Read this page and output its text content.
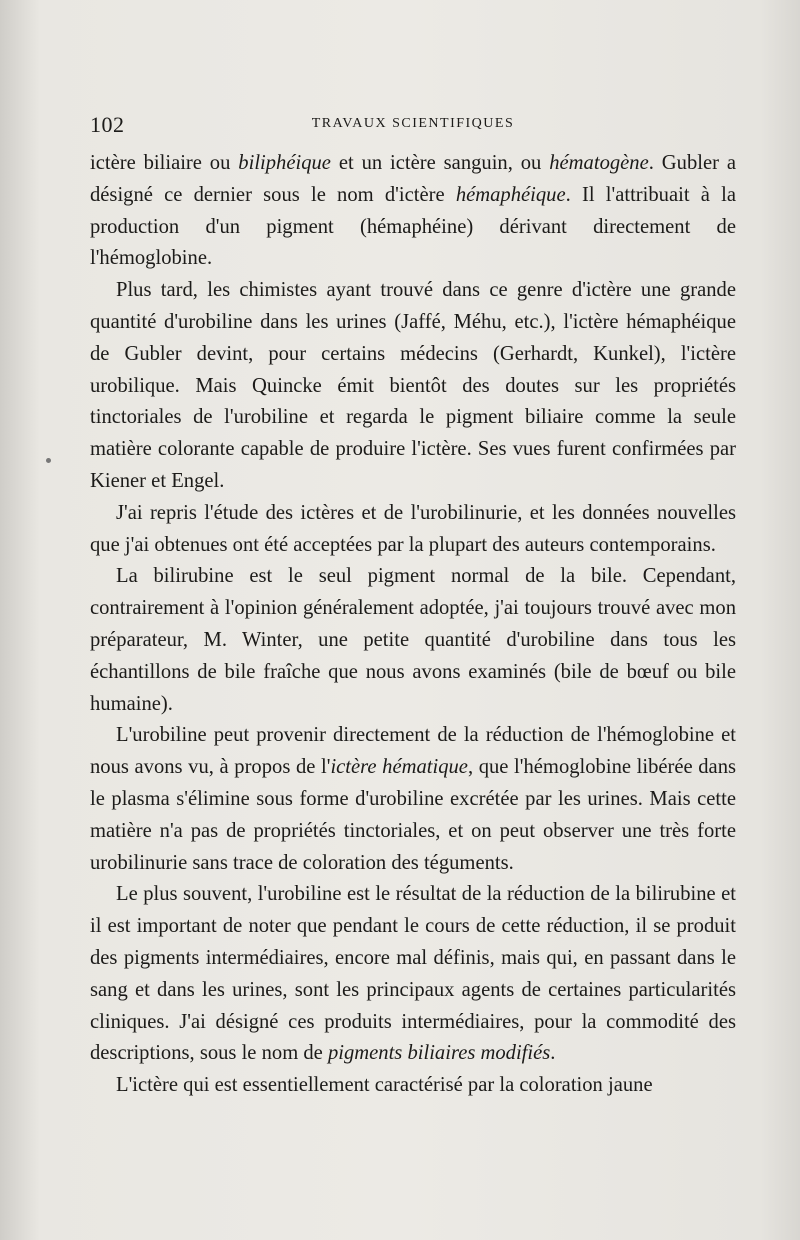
102	TRAVAUX SCIENTIFIQUES

ictère biliaire ou biliphéique et un ictère sanguin, ou hématogène. Gubler a désigné ce dernier sous le nom d'ictère hémaphéique. Il l'attribuait à la production d'un pigment (hémaphéine) dérivant directement de l'hémoglobine.

Plus tard, les chimistes ayant trouvé dans ce genre d'ictère une grande quantité d'urobiline dans les urines (Jaffé, Méhu, etc.), l'ictère hémaphéique de Gubler devint, pour certains médecins (Gerhardt, Kunkel), l'ictère urobilique. Mais Quincke émit bientôt des doutes sur les propriétés tinctoriales de l'urobiline et regarda le pigment biliaire comme la seule matière colorante capable de produire l'ictère. Ses vues furent confirmées par Kiener et Engel.

J'ai repris l'étude des ictères et de l'urobilinurie, et les données nouvelles que j'ai obtenues ont été acceptées par la plupart des auteurs contemporains.

La bilirubine est le seul pigment normal de la bile. Cependant, contrairement à l'opinion généralement adoptée, j'ai toujours trouvé avec mon préparateur, M. Winter, une petite quantité d'urobiline dans tous les échantillons de bile fraîche que nous avons examinés (bile de bœuf ou bile humaine).

L'urobiline peut provenir directement de la réduction de l'hémoglobine et nous avons vu, à propos de l'ictère hématique, que l'hémoglobine libérée dans le plasma s'élimine sous forme d'urobiline excrétée par les urines. Mais cette matière n'a pas de propriétés tinctoriales, et on peut observer une très forte urobilinurie sans trace de coloration des téguments.

Le plus souvent, l'urobiline est le résultat de la réduction de la bilirubine et il est important de noter que pendant le cours de cette réduction, il se produit des pigments intermédiaires, encore mal définis, mais qui, en passant dans le sang et dans les urines, sont les principaux agents de certaines particularités cliniques. J'ai désigné ces produits intermédiaires, pour la commodité des descriptions, sous le nom de pigments biliaires modifiés.

L'ictère qui est essentiellement caractérisé par la coloration jaune
